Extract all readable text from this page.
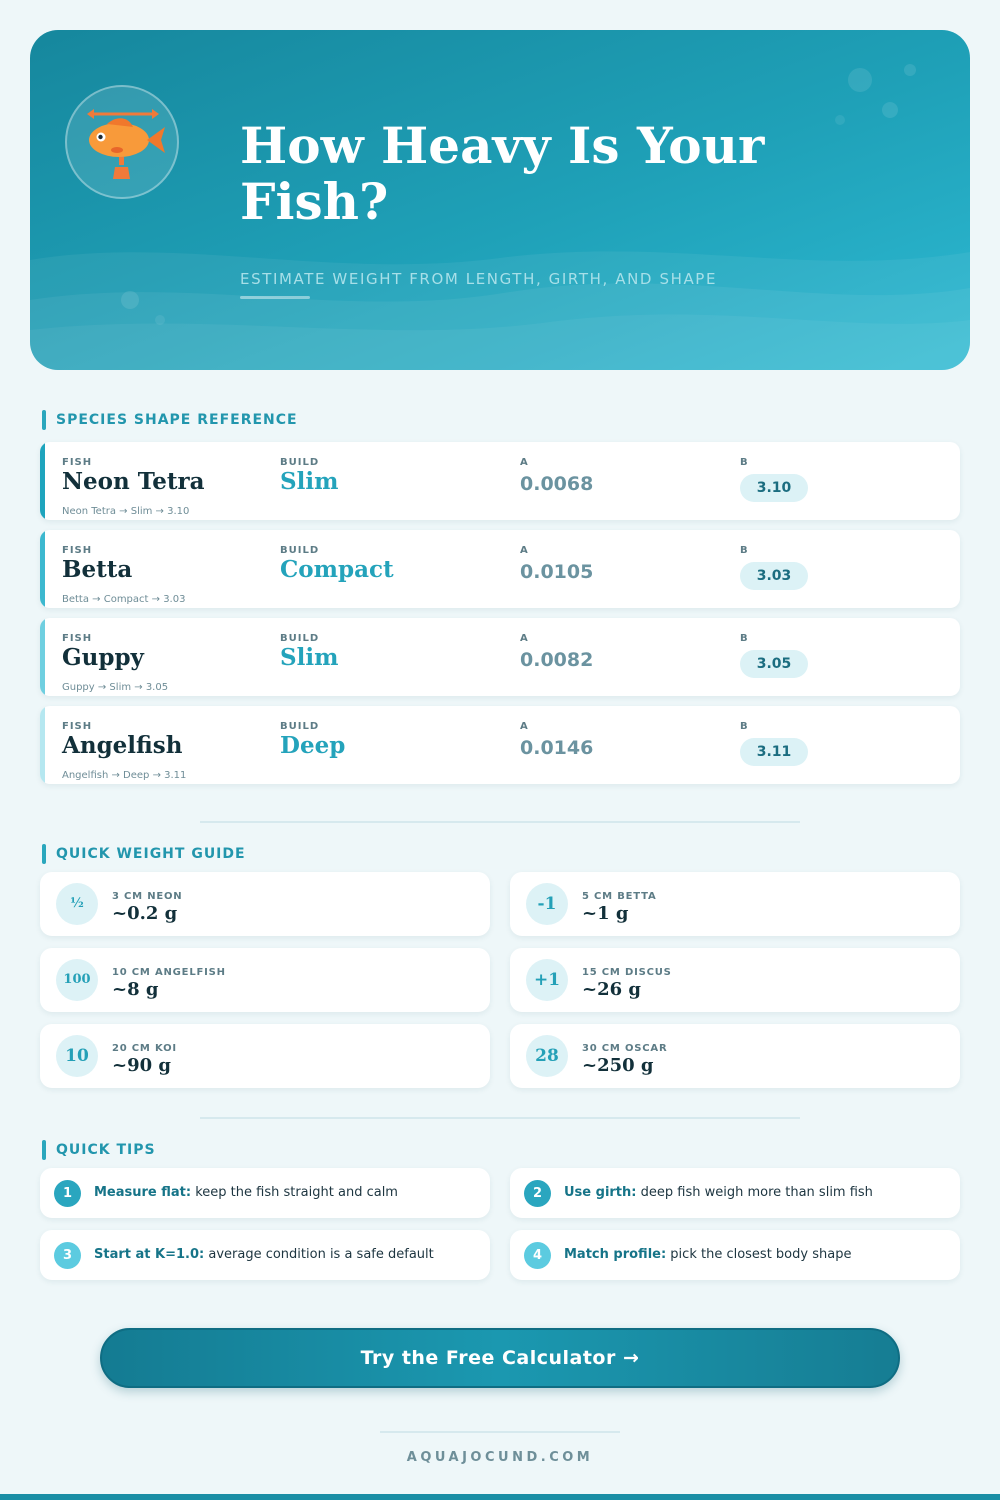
How Heavy Is Your Fish?
ESTIMATE WEIGHT FROM LENGTH, GIRTH, AND SHAPE
SPECIES SHAPE REFERENCE
FISH	BUILD	A	B
Neon Tetra	Slim	0.0068	3.10
Neon Tetra → Slim → 3.10
FISH	BUILD	A	B
Betta	Compact	0.0105	3.03
Betta → Compact → 3.03
FISH	BUILD	A	B
Guppy	Slim	0.0082	3.05
Guppy → Slim → 3.05
FISH	BUILD	A	B
Angelfish	Deep	0.0146	3.11
Angelfish → Deep → 3.11
QUICK WEIGHT GUIDE
½	3 CM NEON
~0.2 g	-1	5 CM BETTA
~1 g
100	10 CM ANGELFISH
~8 g	+1	15 CM DISCUS
~26 g
10	20 CM KOI
~90 g	28	30 CM OSCAR
~250 g
QUICK TIPS
1	Measure flat: keep the fish straight and calm	2	Use girth: deep fish weigh more than slim fish
3	Start at K=1.0: average condition is a safe default	4	Match profile: pick the closest body shape
Try the Free Calculator →
AQUAJOCUND.COM
